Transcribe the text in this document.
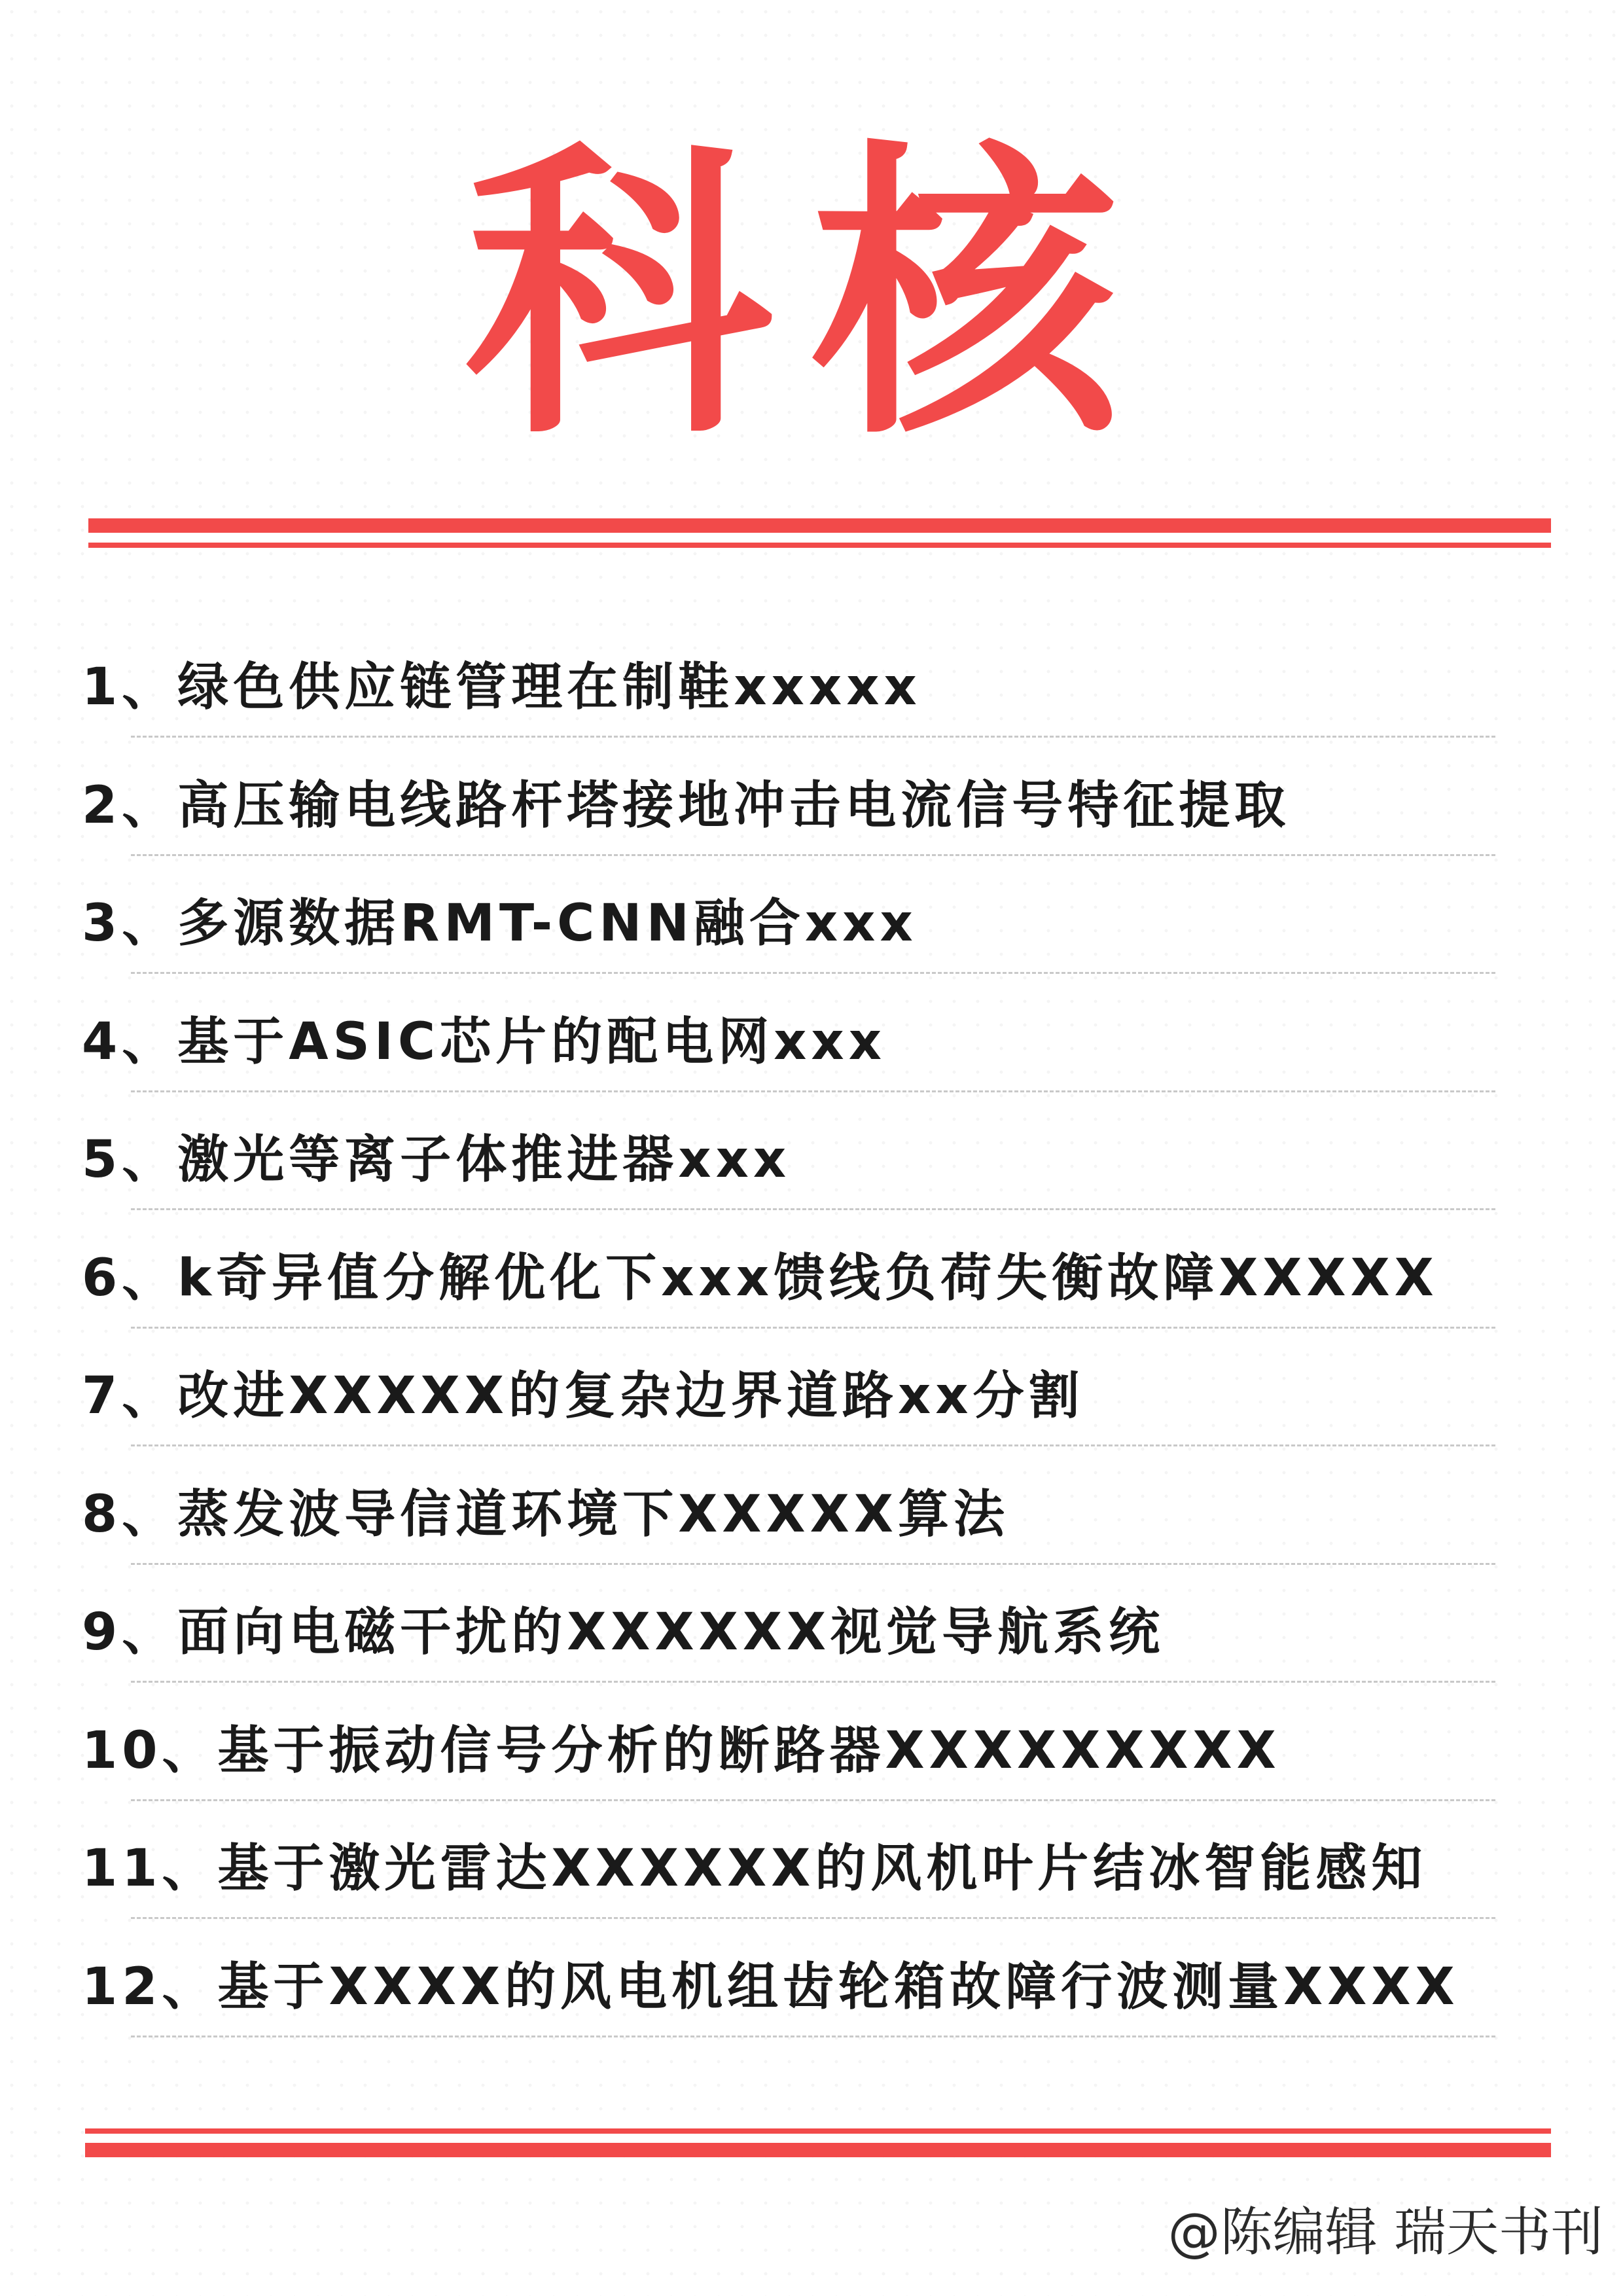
科核
1、绿色供应链管理在制鞋xxxxx
2、高压输电线路杆塔接地冲击电流信号特征提取
3、多源数据RMT-CNN融合xxx
4、基于ASIC芯片的配电网xxx
5、激光等离子体推进器xxx
6、k奇异值分解优化下xxx馈线负荷失衡故障XXXXX
7、改进XXXXX的复杂边界道路xx分割
8、蒸发波导信道环境下XXXXX算法
9、面向电磁干扰的XXXXXX视觉导航系统
10、基于振动信号分析的断路器XXXXXXXXX
11、基于激光雷达XXXXXX的风机叶片结冰智能感知
12、基于XXXX的风电机组齿轮箱故障行波测量XXXX
@陈编辑 瑞天书刊
